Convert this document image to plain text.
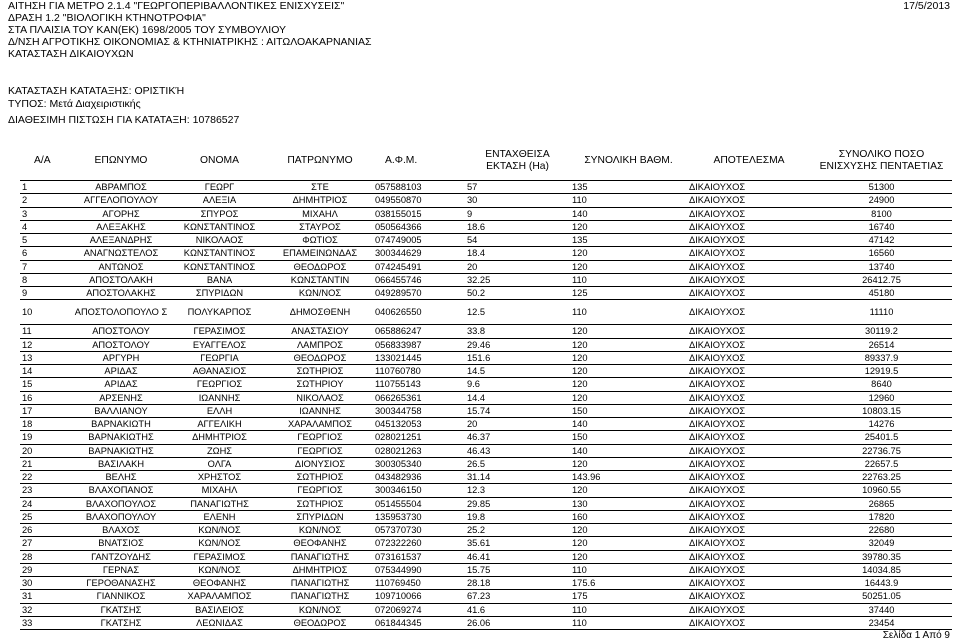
ΑΙΤΗΣΗ ΓΙΑ ΜΕΤΡΟ 2.1.4 "ΓΕΩΡΓΟΠΕΡΙΒΑΛΛΟΝΤΙΚΕΣ ΕΝΙΣΧΥΣΕΙΣ"	17/5/2013
ΔΡΑΣΗ 1.2 "ΒΙΟΛΟΓΙΚΗ ΚΤΗΝΟΤΡΟΦΙΑ"
ΣΤΑ ΠΛΑΙΣΙΑ ΤΟΥ ΚΑΝ(ΕΚ) 1698/2005 ΤΟΥ ΣΥΜΒΟΥΛΙΟΥ
Δ/ΝΣΗ ΑΓΡΟΤΙΚΗΣ ΟΙΚΟΝΟΜΙΑΣ & ΚΤΗΝΙΑΤΡΙΚΗΣ : ΑΙΤΩΛΟΑΚΑΡΝΑΝΙΑΣ
ΚΑΤΑΣΤΑΣΗ ΔΙΚΑΙΟΥΧΩΝ
ΚΑΤΑΣΤΑΣΗ ΚΑΤΑΤΑΞΗΣ: ΟΡΙΣΤΙΚΉ
ΤΥΠΟΣ: Μετά Διαχειριστικής
ΔΙΑΘΕΣΙΜΗ ΠΙΣΤΩΣΗ ΓΙΑ ΚΑΤΑΤΑΞΗ: 10786527
Α/Α	ΕΠΩΝΥΜΟ	ΟΝΟΜΑ	ΠΑΤΡΩΝΥΜΟ	Α.Φ.Μ.	ΕΝΤΑΧΘΕΙΣΑ ΕΚΤΑΣΗ (Ha)	ΣΥΝΟΛΙΚΗ ΒΑΘΜ.	ΑΠΟΤΕΛΕΣΜΑ	ΣΥΝΟΛΙΚΟ ΠΟΣΟ ΕΝΙΣΧΥΣΗΣ ΠΕΝΤΑΕΤΙΑΣ
1	ΑΒΡΑΜΠΟΣ	ΓΕΩΡΓ	ΣΤΕ	057588103	57	135	ΔΙΚΑΙΟΥΧΟΣ	51300
2	ΑΓΓΕΛΟΠΟΥΛΟΥ	ΑΛΕΞΙΑ	ΔΗΜΗΤΡΙΟΣ	049550870	30	110	ΔΙΚΑΙΟΥΧΟΣ	24900
3	ΑΓΟΡΗΣ	ΣΠΥΡΟΣ	ΜΙΧΑΗΛ	038155015	9	140	ΔΙΚΑΙΟΥΧΟΣ	8100
4	ΑΛΕΞΑΚΗΣ	ΚΩΝΣΤΑΝΤΙΝΟΣ	ΣΤΑΥΡΟΣ	050564366	18.6	120	ΔΙΚΑΙΟΥΧΟΣ	16740
5	ΑΛΕΞΑΝΔΡΗΣ	ΝΙΚΟΛΑΟΣ	ΦΩΤΙΟΣ	074749005	54	135	ΔΙΚΑΙΟΥΧΟΣ	47142
6	ΑΝΑΓΝΩΣΤΕΛΟΣ	ΚΩΝΣΤΑΝΤΙΝΟΣ	ΕΠΑΜΕΙΝΩΝΔΑΣ	300344629	18.4	120	ΔΙΚΑΙΟΥΧΟΣ	16560
7	ΑΝΤΩΝΟΣ	ΚΩΝΣΤΑΝΤΙΝΟΣ	ΘΕΟΔΩΡΟΣ	074245491	20	120	ΔΙΚΑΙΟΥΧΟΣ	13740
8	ΑΠΟΣΤΟΛΑΚΗ	ΒΑΝΑ	ΚΩΝΣΤΑΝΤΙΝ	066455746	32.25	110	ΔΙΚΑΙΟΥΧΟΣ	26412.75
9	ΑΠΟΣΤΟΛΑΚΗΣ	ΣΠΥΡΙΔΩΝ	ΚΩΝ/ΝΟΣ	049289570	50.2	125	ΔΙΚΑΙΟΥΧΟΣ	45180
10	ΑΠΟΣΤΟΛΟΠΟΥΛΟ Σ	ΠΟΛΥΚΑΡΠΟΣ	ΔΗΜΟΣΘΕΝΗ	040626550	12.5	110	ΔΙΚΑΙΟΥΧΟΣ	11110
11	ΑΠΟΣΤΟΛΟΥ	ΓΕΡΑΣΙΜΟΣ	ΑΝΑΣΤΑΣΙΟΥ	065886247	33.8	120	ΔΙΚΑΙΟΥΧΟΣ	30119.2
12	ΑΠΟΣΤΟΛΟΥ	ΕΥΑΓΓΕΛΟΣ	ΛΑΜΠΡΟΣ	056833987	29.46	120	ΔΙΚΑΙΟΥΧΟΣ	26514
13	ΑΡΓΥΡΗ	ΓΕΩΡΓΙΑ	ΘΕΟΔΩΡΟΣ	133021445	151.6	120	ΔΙΚΑΙΟΥΧΟΣ	89337.9
14	ΑΡΙΔΑΣ	ΑΘΑΝΑΣΙΟΣ	ΣΩΤΗΡΙΟΣ	110760780	14.5	120	ΔΙΚΑΙΟΥΧΟΣ	12919.5
15	ΑΡΙΔΑΣ	ΓΕΩΡΓΙΟΣ	ΣΩΤΗΡΙΟΥ	110755143	9.6	120	ΔΙΚΑΙΟΥΧΟΣ	8640
16	ΑΡΣΕΝΗΣ	ΙΩΑΝΝΗΣ	ΝΙΚΟΛΑΟΣ	066265361	14.4	120	ΔΙΚΑΙΟΥΧΟΣ	12960
17	ΒΑΛΛΙΑΝΟΥ	ΕΛΛΗ	ΙΩΑΝΝΗΣ	300344758	15.74	150	ΔΙΚΑΙΟΥΧΟΣ	10803.15
18	ΒΑΡΝΑΚΙΩΤΗ	ΑΓΓΕΛΙΚΗ	ΧΑΡΑΛΑΜΠΟΣ	045132053	20	140	ΔΙΚΑΙΟΥΧΟΣ	14276
19	ΒΑΡΝΑΚΙΩΤΗΣ	ΔΗΜΗΤΡΙΟΣ	ΓΕΩΡΓΙΟΣ	028021251	46.37	150	ΔΙΚΑΙΟΥΧΟΣ	25401.5
20	ΒΑΡΝΑΚΙΩΤΗΣ	ΖΩΗΣ	ΓΕΩΡΓΙΟΣ	028021263	46.43	140	ΔΙΚΑΙΟΥΧΟΣ	22736.75
21	ΒΑΣΙΛΑΚΗ	ΟΛΓΑ	ΔΙΟΝΥΣΙΟΣ	300305340	26.5	120	ΔΙΚΑΙΟΥΧΟΣ	22657.5
22	ΒΕΛΗΣ	ΧΡΗΣΤΟΣ	ΣΩΤΗΡΙΟΣ	043482936	31.14	143.96	ΔΙΚΑΙΟΥΧΟΣ	22763.25
23	ΒΛΑΧΟΠΑΝΟΣ	ΜΙΧΑΗΛ	ΓΕΩΡΓΙΟΣ	300346150	12.3	120	ΔΙΚΑΙΟΥΧΟΣ	10960.55
24	ΒΛΑΧΟΠΟΥΛΟΣ	ΠΑΝΑΓΙΩΤΗΣ	ΣΩΤΗΡΙΟΣ	051455504	29.85	130	ΔΙΚΑΙΟΥΧΟΣ	26865
25	ΒΛΑΧΟΠΟΥΛΟΥ	ΕΛΕΝΗ	ΣΠΥΡΙΔΩΝ	135953730	19.8	160	ΔΙΚΑΙΟΥΧΟΣ	17820
26	ΒΛΑΧΟΣ	ΚΩΝ/ΝΟΣ	ΚΩΝ/ΝΟΣ	057370730	25.2	120	ΔΙΚΑΙΟΥΧΟΣ	22680
27	ΒΝΑΤΣΙΟΣ	ΚΩΝ/ΝΟΣ	ΘΕΟΦΑΝΗΣ	072322260	35.61	120	ΔΙΚΑΙΟΥΧΟΣ	32049
28	ΓΑΝΤΖΟΥΔΗΣ	ΓΕΡΑΣΙΜΟΣ	ΠΑΝΑΓΙΩΤΗΣ	073161537	46.41	120	ΔΙΚΑΙΟΥΧΟΣ	39780.35
29	ΓΕΡΝΑΣ	ΚΩΝ/ΝΟΣ	ΔΗΜΗΤΡΙΟΣ	075344990	15.75	110	ΔΙΚΑΙΟΥΧΟΣ	14034.85
30	ΓΕΡΟΘΑΝΑΣΗΣ	ΘΕΟΦΑΝΗΣ	ΠΑΝΑΓΙΩΤΗΣ	110769450	28.18	175.6	ΔΙΚΑΙΟΥΧΟΣ	16443.9
31	ΓΙΑΝΝΙΚΟΣ	ΧΑΡΑΛΑΜΠΟΣ	ΠΑΝΑΓΙΩΤΗΣ	109710066	67.23	175	ΔΙΚΑΙΟΥΧΟΣ	50251.05
32	ΓΚΑΤΣΗΣ	ΒΑΣΙΛΕΙΟΣ	ΚΩΝ/ΝΟΣ	072069274	41.6	110	ΔΙΚΑΙΟΥΧΟΣ	37440
33	ΓΚΑΤΣΗΣ	ΛΕΩΝΙΔΑΣ	ΘΕΟΔΩΡΟΣ	061844345	26.06	110	ΔΙΚΑΙΟΥΧΟΣ	23454
Σελίδα 1 Από 9
